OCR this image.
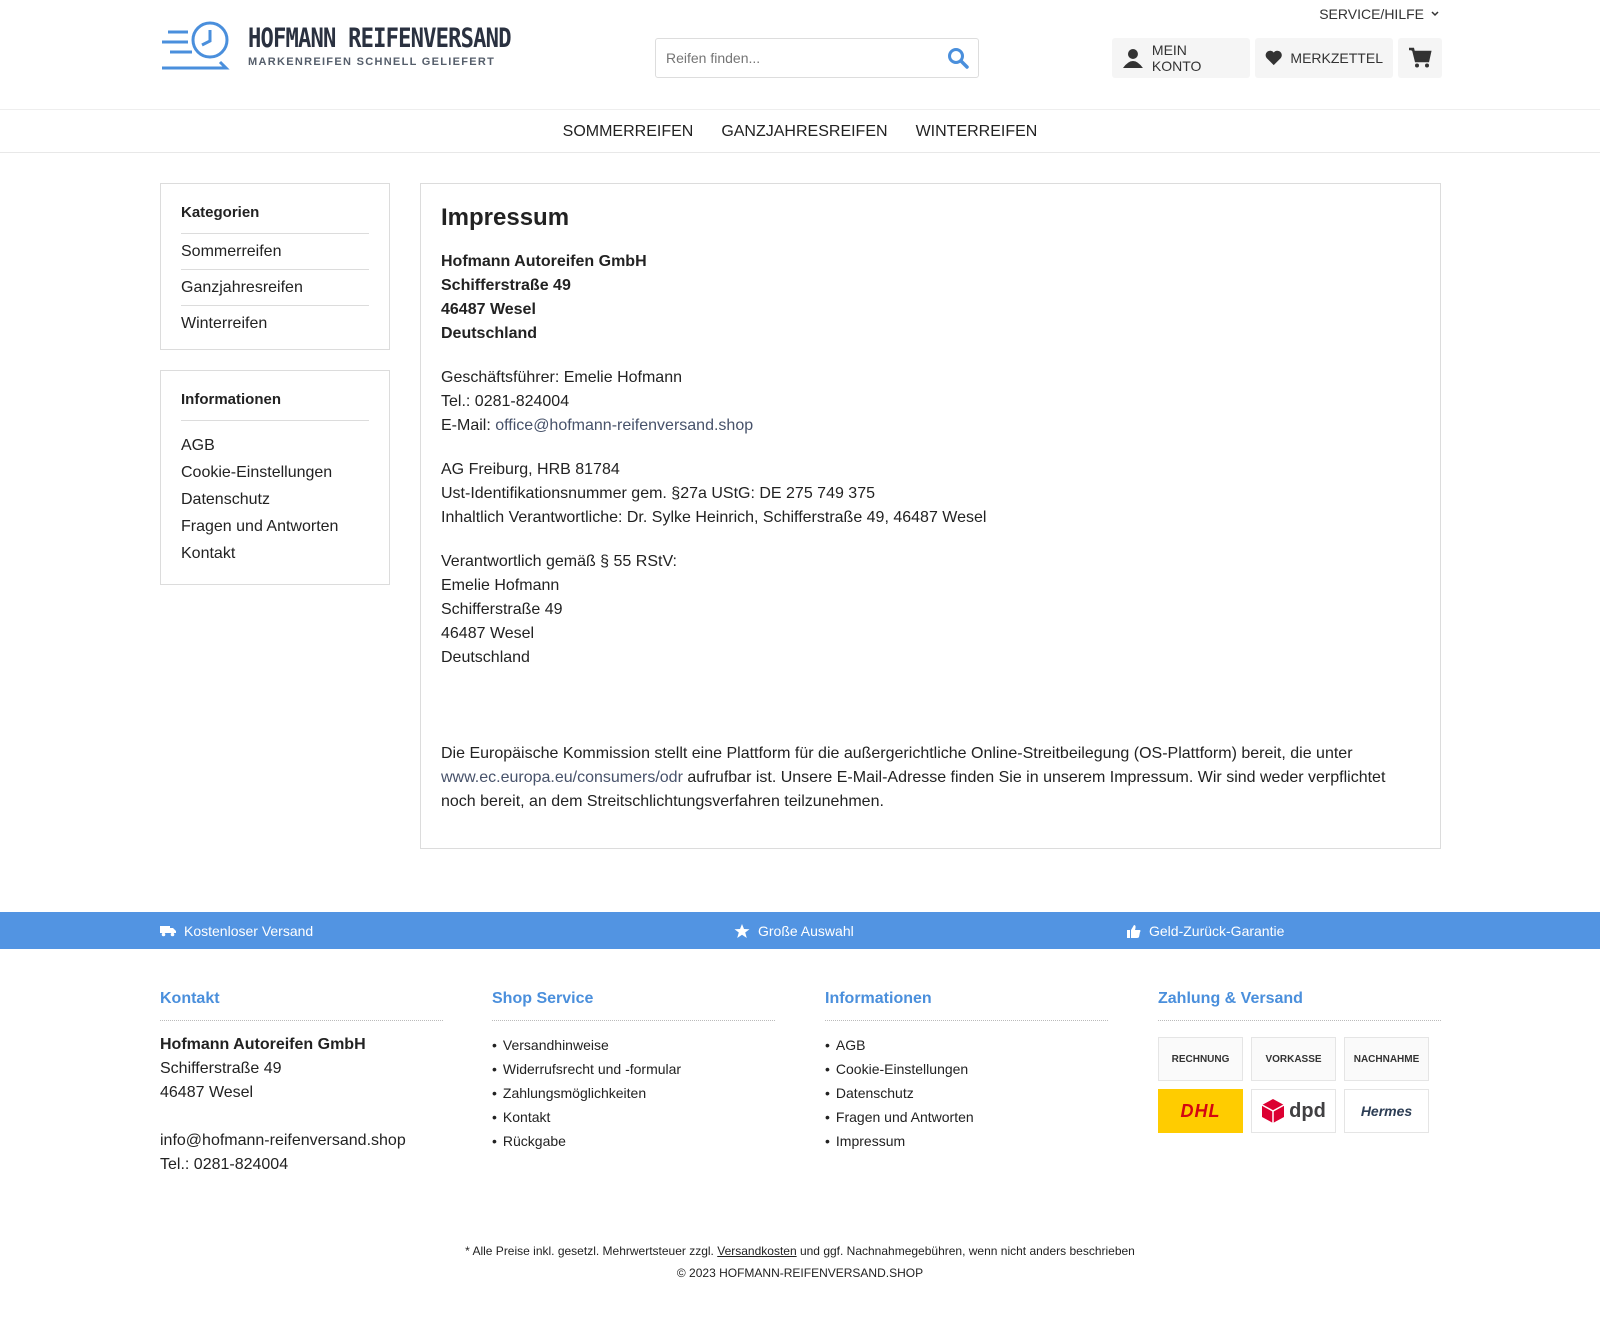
SERVICE/HILFE
HOFMANN REIFENVERSAND
MARKENREIFEN SCHNELL GELIEFERT
Reifen finden...
MEIN KONTO	MERKZETTEL
SOMMERREIFEN GANZJAHRESREIFEN WINTERREIFEN
Kategorien
Sommerreifen
Ganzjahresreifen
Winterreifen
Informationen
AGB
Cookie-Einstellungen
Datenschutz
Fragen und Antworten
Kontakt
Impressum

Hofmann Autoreifen GmbH
Schifferstraße 49
46487 Wesel
Deutschland

Geschäftsführer: Emelie Hofmann
Tel.: 0281-824004
E-Mail: office@hofmann-reifenversand.shop

AG Freiburg, HRB 81784
Ust-Identifikationsnummer gem. §27a UStG: DE 275 749 375
Inhaltlich Verantwortliche: Dr. Sylke Heinrich, Schifferstraße 49, 46487 Wesel

Verantwortlich gemäß § 55 RStV:
Emelie Hofmann
Schifferstraße 49
46487 Wesel
Deutschland

Die Europäische Kommission stellt eine Plattform für die außergerichtliche Online-Streitbeilegung (OS-Plattform) bereit, die unter www.ec.europa.eu/consumers/odr aufrufbar ist. Unsere E-Mail-Adresse finden Sie in unserem Impressum. Wir sind weder verpflichtet noch bereit, an dem Streitschlichtungsverfahren teilzunehmen.

Kostenloser Versand	Große Auswahl	Geld-Zurück-Garantie
Kontakt
Hofmann Autoreifen GmbH
Schifferstraße 49
46487 Wesel
info@hofmann-reifenversand.shop
Tel.: 0281-824004
Shop Service
• Versandhinweise
• Widerrufsrecht und -formular
• Zahlungsmöglichkeiten
• Kontakt
• Rückgabe
Informationen
• AGB
• Cookie-Einstellungen
• Datenschutz
• Fragen und Antworten
• Impressum
Zahlung & Versand
RECHNUNG	VORKASSE	NACHNAHME
DHL	dpd	Hermes
* Alle Preise inkl. gesetzl. Mehrwertsteuer zzgl. Versandkosten und ggf. Nachnahmegebühren, wenn nicht anders beschrieben
© 2023 HOFMANN-REIFENVERSAND.SHOP
